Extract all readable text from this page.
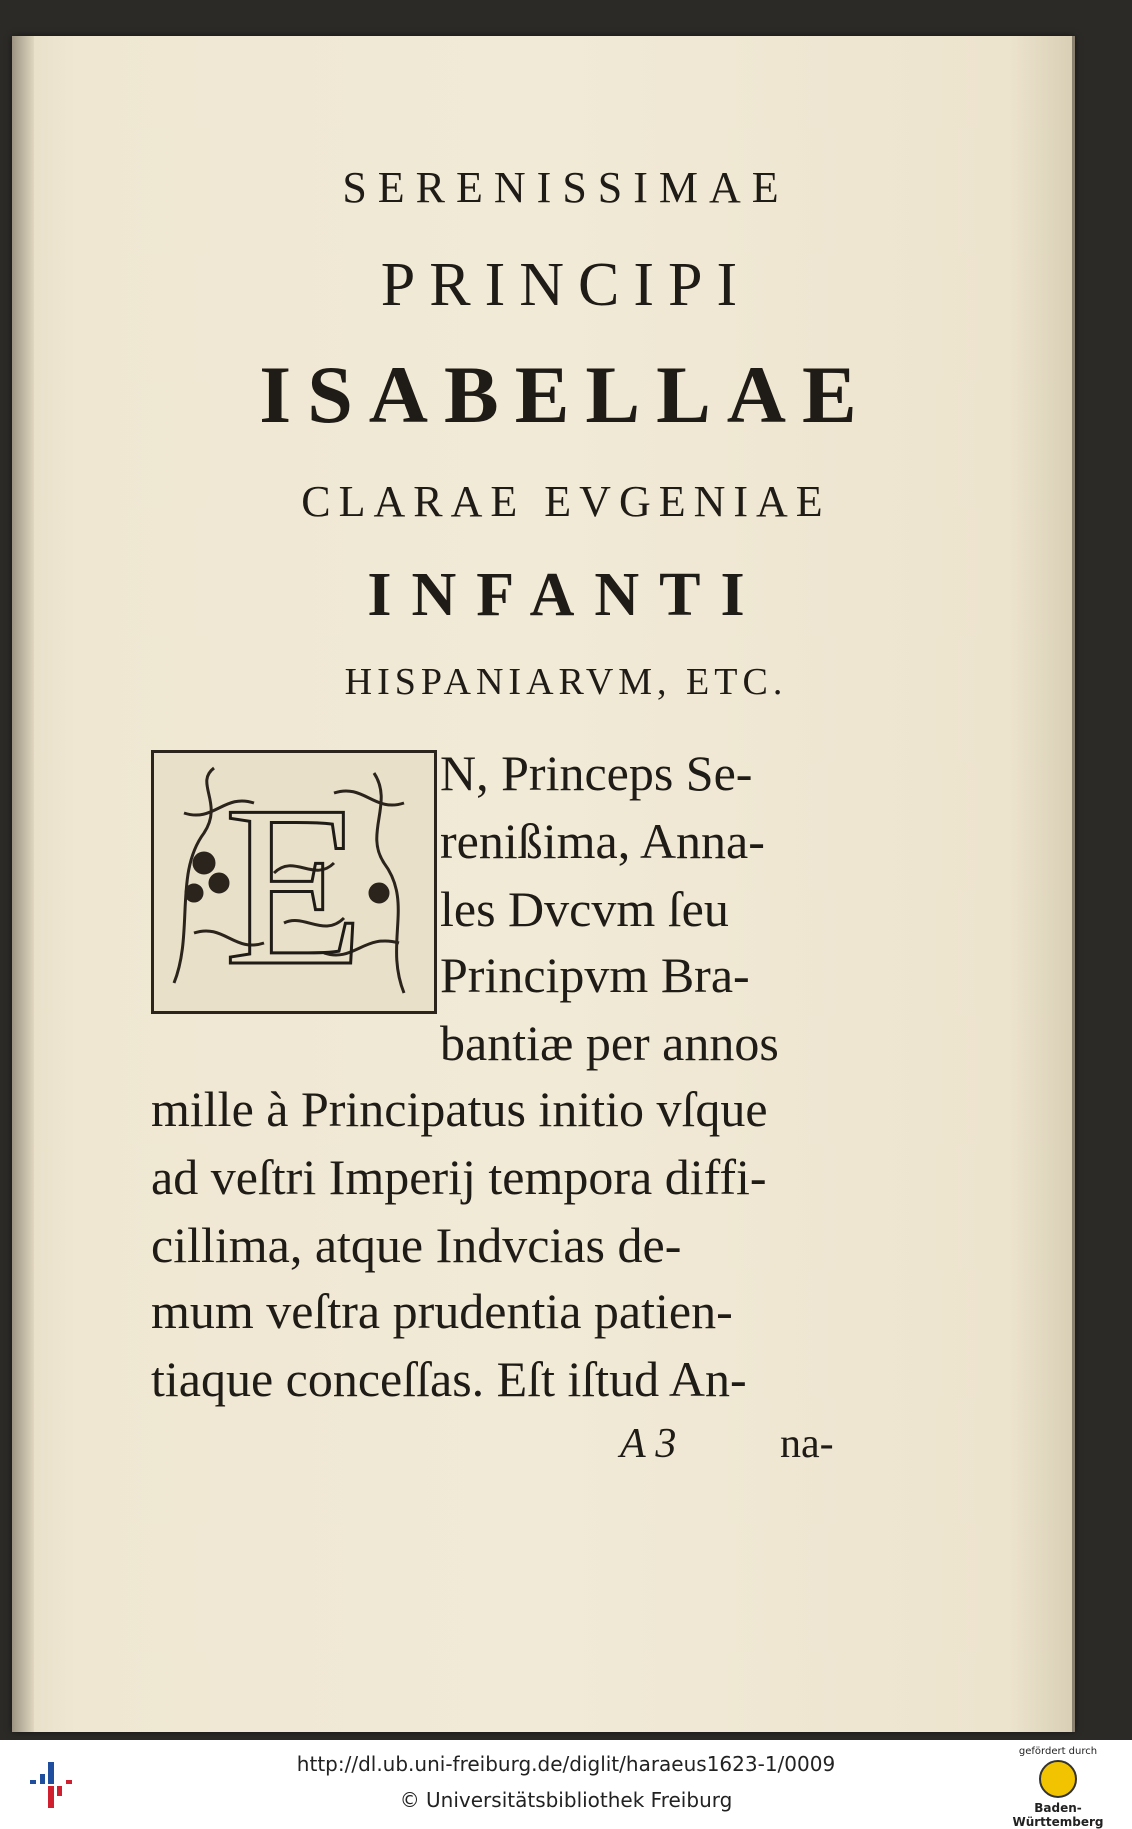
SERENISSIMAE
PRINCIPI
ISABELLAE
CLARAE EVGENIAE
INFANTI
HISPANIARVM, ETC.
E N, Princeps Se-
renißima, Anna-
les Dvcvm ſeu
Principvm Bra-
bantiæ per annos
mille à Principatus initio vſque
ad veſtri Imperij tempora diffi-
cillima, atque Indvcias de-
mum veſtra prudentia patien-
tiaque conceſſas. Eſt iſtud An-
A 3 na-
http://dl.ub.uni-freiburg.de/diglit/haraeus1623-1/0009
© Universitätsbibliothek Freiburg
gefördert durch
Baden-Württemberg
